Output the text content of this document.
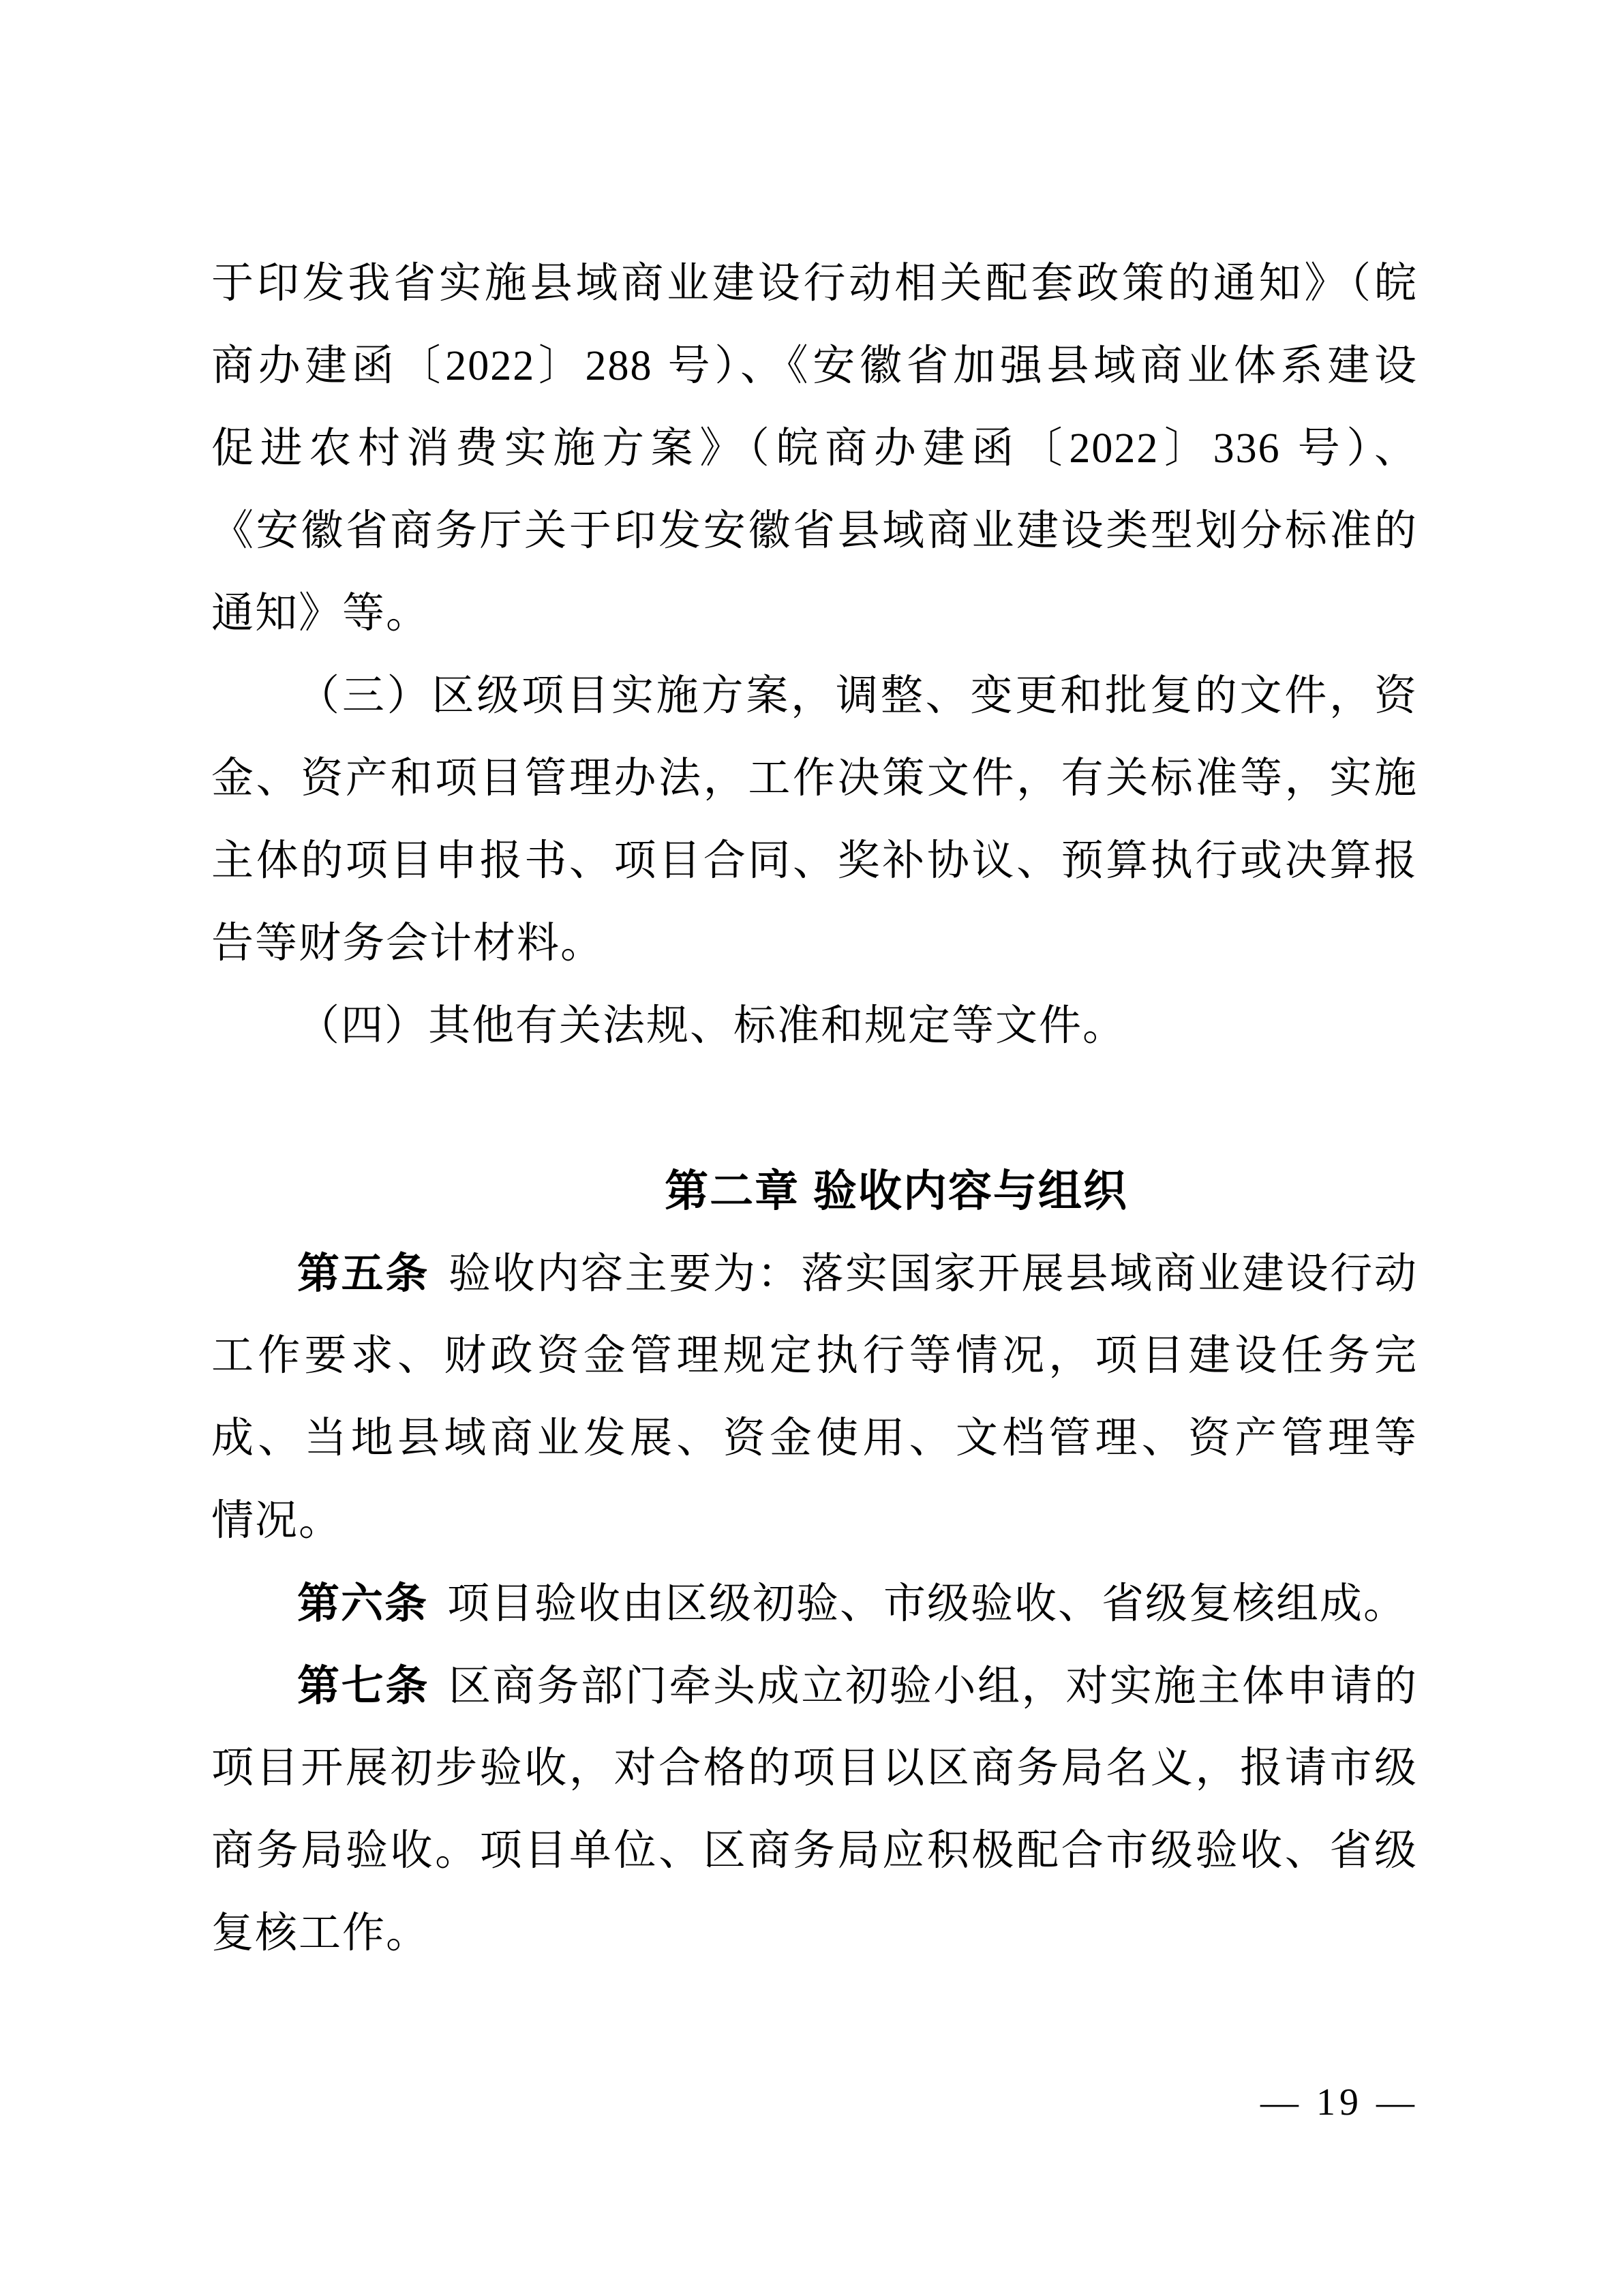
于印发我省实施县域商业建设行动相关配套政策的通知》（皖
商办建函〔2022〕288 号）、《安徽省加强县域商业体系建设
促进农村消费实施方案》（皖商办建函〔2022〕336 号）、
《安徽省商务厅关于印发安徽省县域商业建设类型划分标准的
通知》等。
（三）区级项目实施方案，调整、变更和批复的文件，资
金、资产和项目管理办法，工作决策文件，有关标准等，实施
主体的项目申报书、项目合同、奖补协议、预算执行或决算报
告等财务会计材料。
（四）其他有关法规、标准和规定等文件。
第二章 验收内容与组织
第五条 验收内容主要为：落实国家开展县域商业建设行动
工作要求、财政资金管理规定执行等情况，项目建设任务完
成、当地县域商业发展、资金使用、文档管理、资产管理等
情况。
第六条 项目验收由区级初验、市级验收、省级复核组成。
第七条 区商务部门牵头成立初验小组，对实施主体申请的
项目开展初步验收，对合格的项目以区商务局名义，报请市级
商务局验收。项目单位、区商务局应积极配合市级验收、省级
复核工作。
— 19 —
